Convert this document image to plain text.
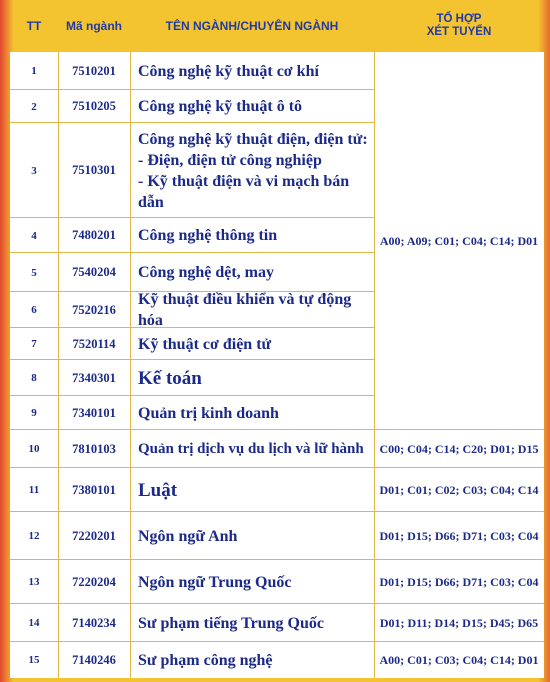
TT	Mã ngành	TÊN NGÀNH/CHUYÊN NGÀNH	TỔ HỢP
XÉT TUYỂN
A00; A09; C01; C04; C14; D01
1	7510201	Công nghệ kỹ thuật cơ khí
2	7510205	Công nghệ kỹ thuật ô tô
3	7510301
Công nghệ kỹ thuật điện, điện tử:
- Điện, điện tử công nghiệp
- Kỹ thuật điện và vi mạch bán dẫn
4	7480201	Công nghệ thông tin
5	7540204	Công nghệ dệt, may
6	7520216
Kỹ thuật điều khiển và tự động hóa
7	7520114	Kỹ thuật cơ điện tử
8	7340301	Kế toán
9	7340101	Quản trị kinh doanh
10	7810103	Quản trị dịch vụ du lịch và lữ hành	C00; C04; C14; C20; D01; D15
11	7380101	Luật	D01; C01; C02; C03; C04; C14
12	7220201	Ngôn ngữ Anh	D01; D15; D66; D71; C03; C04
13	7220204	Ngôn ngữ Trung Quốc	D01; D15; D66; D71; C03; C04
14	7140234	Sư phạm tiếng Trung Quốc	D01; D11; D14; D15; D45; D65
15	7140246	Sư phạm công nghệ	A00; C01; C03; C04; C14; D01
